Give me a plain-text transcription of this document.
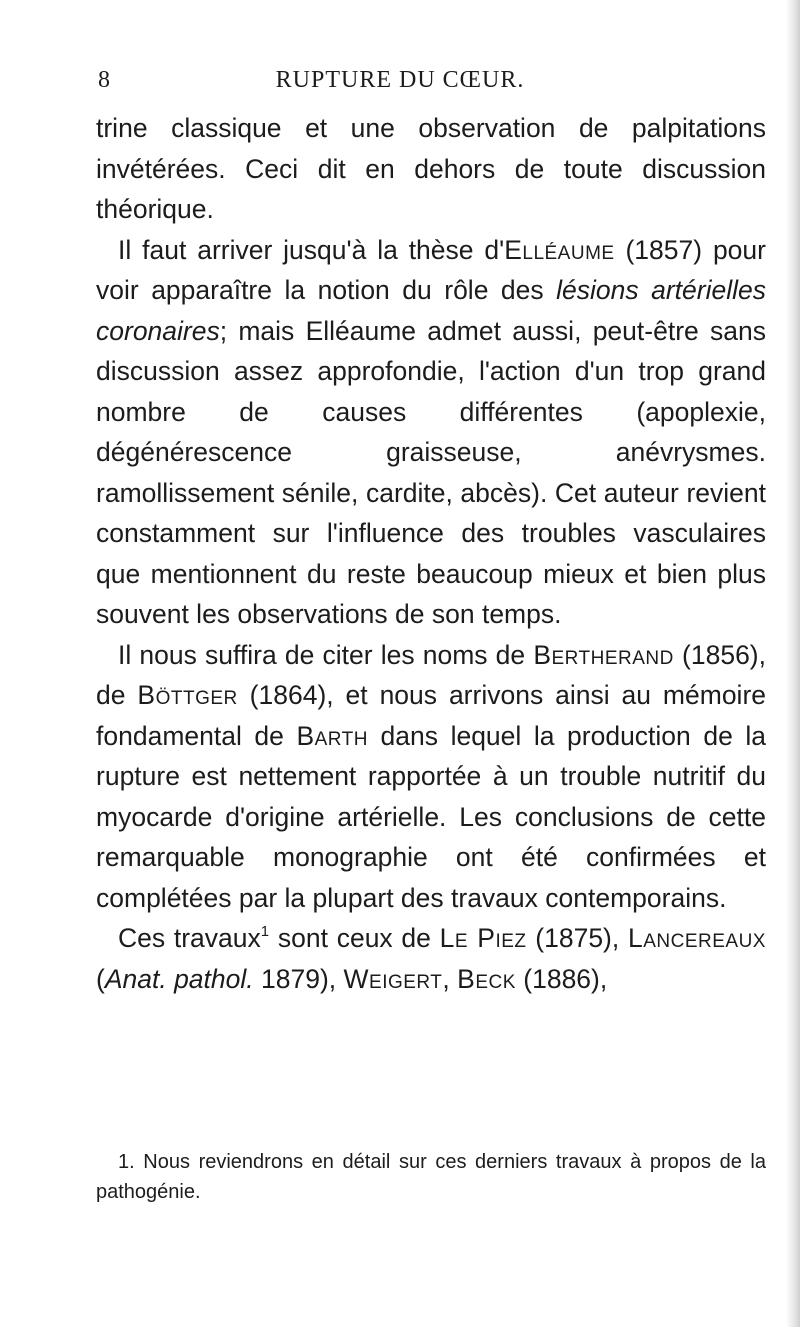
8	RUPTURE DU CŒUR.

trine classique et une observation de palpitations invétérées. Ceci dit en dehors de toute discussion théorique.

Il faut arriver jusqu'à la thèse d'Elléaume (1857) pour voir apparaître la notion du rôle des lésions artérielles coronaires; mais Elléaume admet aussi, peut-être sans discussion assez approfondie, l'action d'un trop grand nombre de causes différentes (apoplexie, dégénérescence graisseuse, anévrysmes. ramollissement sénile, cardite, abcès). Cet auteur revient constamment sur l'influence des troubles vasculaires que mentionnent du reste beaucoup mieux et bien plus souvent les observations de son temps.

Il nous suffira de citer les noms de Bertherand (1856), de Böttger (1864), et nous arrivons ainsi au mémoire fondamental de Barth dans lequel la production de la rupture est nettement rapportée à un trouble nutritif du myocarde d'origine artérielle. Les conclusions de cette remarquable monographie ont été confirmées et complétées par la plupart des travaux contemporains.

Ces travaux$^1$ sont ceux de Le Piez (1875), Lancereaux (Anat. pathol. 1879), Weigert, Beck (1886),

1. Nous reviendrons en détail sur ces derniers travaux à propos de la pathogénie.
